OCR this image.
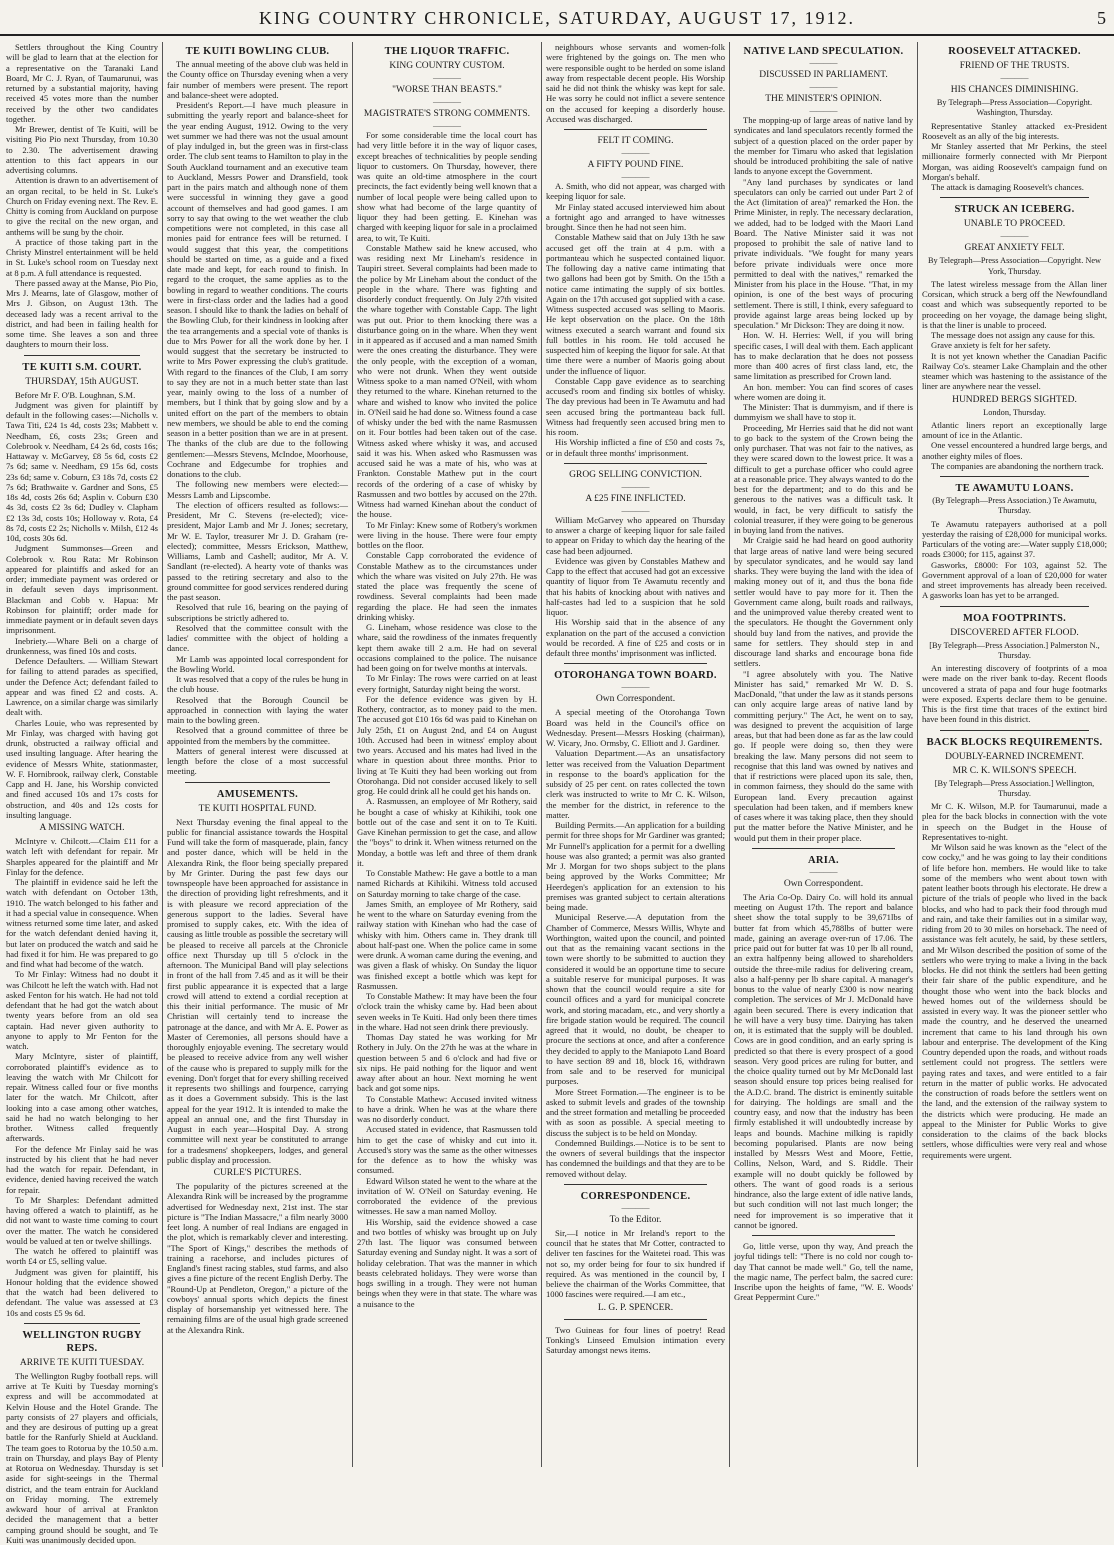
KING COUNTRY CHRONICLE, SATURDAY, AUGUST 17, 1912.	5

Settlers throughout the King Country will be glad to learn that at the election for a representative on the Taranaki Land Board, Mr C. J. Ryan, of Taumarunui, was returned by a substantial majority, having received 45 votes more than the number received by the other two candidates together.

Mr Brewer, dentist of Te Kuiti, will be visiting Pio Pio next Thursday, from 10.30 to 2.30. The advertisement drawing attention to this fact appears in our advertising columns.

Attention is drawn to an advertisement of an organ recital, to be held in St. Luke's Church on Friday evening next. The Rev. E. Chitty is coming from Auckland on purpose to give the recital on the new organ, and anthems will be sung by the choir.

A practice of those taking part in the Christy Minstrel entertainment will be held in St. Luke's school room on Tuesday next at 8 p.m. A full attendance is requested.

There passed away at the Manse, Pio Pio, Mrs J. Mearns, late of Glasgow, mother of Mrs J. Gibson, on August 13th. The deceased lady was a recent arrival to the district, and had been in failing health for some time. She leaves a son and three daughters to mourn their loss.

TE KUITI S.M. COURT.
THURSDAY, 15th AUGUST.

Before Mr F. O'B. Loughnan, S.M.

Judgment was given for plaintiff by default in the following cases:—Nicholls v. Tawa Titi, £24 1s 4d, costs 23s; Mabbett v. Needham, £6, costs 23s; Green and Colebrook v. Needham, £4 2s 6d, costs 16s; Hattaway v. McGarvey, £8 5s 6d, costs £2 7s 6d; same v. Needham, £9 15s 6d, costs 23s 6d; same v. Coburn, £3 18s 7d, costs £2 7s 6d; Brathwaite v. Gardner and Sons, £5 18s 4d, costs 26s 6d; Asplin v. Coburn £30 4s 3d, costs £2 3s 6d; Dudley v. Clapham £2 13s 3d, costs 10s; Holloway v. Rota, £4 8s 7d, costs £2 2s; Nicholls v. Milsh, £12 4s 10d, costs 30s 6d.

Judgment Summonses—Green and Colebrook v. Rou Rata: Mr Robinson appeared for plaintiffs and asked for an order; immediate payment was ordered or in default seven days imprisonment. Blackman and Cobb v. Hapua: Mr Robinson for plaintiff; order made for immediate payment or in default seven days imprisonment.

Inebriety.—Whare Beli on a charge of drunkenness, was fined 10s and costs.

Defence Defaulters. — William Stewart for failing to attend parades as specified, under the Defence Act; defendant failed to appear and was fined £2 and costs. A. Lawrence, on a similar charge was similarly dealt with.

Charles Louie, who was represented by Mr Finlay, was charged with having got drunk, obstructed a railway official and used insulting language. After hearing the evidence of Messrs White, stationmaster, W. F. Hornibrook, railway clerk, Constable Capp and H. Jane, his Worship convicted and fined accused 10s and 17s costs for obstruction, and 40s and 12s costs for insulting language.

A MISSING WATCH.

McIntyre v. Chilcott.—Claim £11 for a watch left with defendant for repair. Mr Sharples appeared for the plaintiff and Mr Finlay for the defence.

The plaintiff in evidence said he left the watch with defendant on October 13th, 1910. The watch belonged to his father and it had a special value in consequence. When witness returned some time later, and asked for the watch defendant denied having it, but later on produced the watch and said he had fixed it for him. He was prepared to go and find what had become of the watch.

To Mr Finlay: Witness had no doubt it was Chilcott he left the watch with. Had not asked Fenton for his watch. He had not told defendant that he had got the watch about twenty years before from an old sea captain. Had never given authority to anyone to apply to Mr Fenton for the watch.

Mary McIntyre, sister of plaintiff, corroborated plaintiff's evidence as to leaving the watch with Mr Chilcott for repair. Witness called four or five months later for the watch. Mr Chilcott, after looking into a case among other watches, said he had no watch belonging to her brother. Witness called frequently afterwards.

For the defence Mr Finlay said he was instructed by his client that he had never had the watch for repair. Defendant, in evidence, denied having received the watch for repair.

To Mr Sharples: Defendant admitted having offered a watch to plaintiff, as he did not want to waste time coming to court over the matter. The watch he considered would be valued at ten or twelve shillings.

The watch he offered to plaintiff was worth £4 or £5, selling value.

Judgment was given for plaintiff, his Honour holding that the evidence showed that the watch had been delivered to defendant. The value was assessed at £3 10s and costs £5 9s 6d.

WELLINGTON RUGBY REPS.
ARRIVE TE KUITI TUESDAY.

The Wellington Rugby football reps. will arrive at Te Kuiti by Tuesday morning's express and will be accommodated at Kelvin House and the Hotel Grande. The party consists of 27 players and officials, and they are desirous of putting up a great battle for the Ranfurly Shield at Auckland. The team goes to Rotorua by the 10.50 a.m. train on Thursday, and plays Bay of Plenty at Rotorua on Wednesday. Thursday is set aside for sight-seeings in the Thermal district, and the team entrain for Auckland on Friday morning. The extremely awkward hour of arrival at Frankton decided the management that a better camping ground should be sought, and Te Kuiti was unanimously decided upon.

TE KUITI BOWLING CLUB.

The annual meeting of the above club was held in the County office on Thursday evening when a very fair number of members were present. The report and balance-sheet were adopted.

President's Report.—I have much pleasure in submitting the yearly report and balance-sheet for the year ending August, 1912. Owing to the very wet summer we had there was not the usual amount of play indulged in, but the green was in first-class order. The club sent teams to Hamilton to play in the South Auckland tournament and an executive team to Auckland, Messrs Power and Dransfield, took part in the pairs match and although none of them were successful in winning they gave a good account of themselves and had good games. I am sorry to say that owing to the wet weather the club competitions were not completed, in this case all monies paid for entrance fees will be returned. I would suggest that this year, the competitions should be started on time, as a guide and a fixed date made and kept, for each round to finish. In regard to the croquet, the same applies as to the bowling in regard to weather conditions. The courts were in first-class order and the ladies had a good season. I should like to thank the ladies on behalf of the Bowling Club, for their kindness in looking after the tea arrangements and a special vote of thanks is due to Mrs Power for all the work done by her. I would suggest that the secretary be instructed to write to Mrs Power expressing the club's gratitude. With regard to the finances of the Club, I am sorry to say they are not in a much better state than last year, mainly owing to the loss of a number of members, but I think that by going slow and by a united effort on the part of the members to obtain new members, we should be able to end the coming season in a better position than we are in at present. The thanks of the club are due to the following gentlemen:—Messrs Stevens, McIndoe, Moorhouse, Cochrane and Edgecumbe for trophies and donations to the club.

The following new members were elected:—Messrs Lamb and Lipscombe.

The election of officers resulted as follows:—President, Mr C. Stevens (re-elected); vice-president, Major Lamb and Mr J. Jones; secretary, Mr W. E. Taylor, treasurer Mr J. D. Graham (re-elected); committee, Messrs Erickson, Matthew, Williams, Lamb and Cashell; auditor, Mr A. V. Sandlant (re-elected). A hearty vote of thanks was passed to the retiring secretary and also to the ground committee for good services rendered during the past season.

Resolved that rule 16, bearing on the paying of subscriptions be strictly adhered to.

Resolved that the committee consult with the ladies' committee with the object of holding a dance.

Mr Lamb was appointed local correspondent for the Bowling World.

It was resolved that a copy of the rules be hung in the club house.

Resolved that the Borough Council be approached in connection with laying the water main to the bowling green.

Resolved that a ground committee of three be appointed from the members by the committee.

Matters of general interest were discussed at length before the close of a most successful meeting.

AMUSEMENTS.
TE KUITI HOSPITAL FUND.

Next Thursday evening the final appeal to the public for financial assistance towards the Hospital Fund will take the form of masquerade, plain, fancy and poster dance, which will be held in the Alexandra Rink, the floor being specially prepared by Mr Grinter. During the past few days our townspeople have been approached for assistance in the direction of providing light refreshments, and it is with pleasure we record appreciation of the generous support to the ladies. Several have promised to supply cakes, etc. With the idea of causing as little trouble as possible the secretary will be pleased to receive all parcels at the Chronicle office next Thursday up till 5 o'clock in the afternoon. The Municipal Band will play selections in front of the hall from 7.45 and as it will be their first public appearance it is expected that a large crowd will attend to extend a cordial reception at this their initial performance. The music of Mr Christian will certainly tend to increase the patronage at the dance, and with Mr A. E. Power as Master of Ceremonies, all persons should have a thoroughly enjoyable evening. The secretary would be pleased to receive advice from any well wisher of the cause who is prepared to supply milk for the evening. Don't forget that for every shilling received it represents two shillings and fourpence, carrying as it does a Government subsidy. This is the last appeal for the year 1912. It is intended to make the appeal an annual one, and the first Thursday in August in each year—Hospital Day. A strong committee will next year be constituted to arrange for a tradesmens' shopkeepers, lodges, and general public display and procession.

CURLE'S PICTURES.

The popularity of the pictures screened at the Alexandra Rink will be increased by the programme advertised for Wednesday next, 21st inst. The star picture is "The Indian Massacre," a film nearly 3000 feet long. A number of real Indians are engaged in the plot, which is remarkably clever and interesting. "The Sport of Kings," describes the methods of training a racehorse, and includes pictures of England's finest racing stables, stud farms, and also gives a fine picture of the recent English Derby. The "Round-Up at Pendleton, Oregon," a picture of the cowboys' annual sports which depicts the finest display of horsemanship yet witnessed here. The remaining films are of the usual high grade screened at the Alexandra Rink.

THE LIQUOR TRAFFIC.
KING COUNTRY CUSTOM.
————
"WORSE THAN BEASTS."
————
MAGISTRATE'S STRONG COMMENTS.
————

For some considerable time the local court has had very little before it in the way of liquor cases, except breaches of technicalities by people sending liquor to customers. On Thursday, however, there was quite an old-time atmosphere in the court precincts, the fact evidently being well known that a number of local people were being called upon to show what had become of the large quantity of liquor they had been getting. E. Kinehan was charged with keeping liquor for sale in a proclaimed area, to wit, Te Kuiti.

Constable Mathew said he knew accused, who was residing next Mr Lineham's residence in Taupiri street. Several complaints had been made to the police by Mr Lineham about the conduct of the people in the whare. There was fighting and disorderly conduct frequently. On July 27th visited the whare together with Constable Capp. The light was put out. Prior to them knocking there was a disturbance going on in the whare. When they went in it appeared as if accused and a man named Smith were the ones creating the disturbance. They were the only people, with the exception of a woman, who were not drunk. When they went outside Witness spoke to a man named O'Neil, with whom they returned to the whare. Kinehan returned to the whare and wished to know who invited the police in. O'Neil said he had done so. Witness found a case of whisky under the bed with the name Rasmussen on it. Four bottles had been taken out of the case. Witness asked where whisky it was, and accused said it was his. When asked who Rasmussen was accused said he was a mate of his, who was at Frankton. Constable Mathew put in the court records of the ordering of a case of whisky by Rasmussen and two bottles by accused on the 27th. Witness had warned Kinehan about the conduct of the house.

To Mr Finlay: Knew some of Rotbery's workmen were living in the house. There were four empty bottles on the floor.

Constable Capp corroborated the evidence of Constable Mathew as to the circumstances under which the whare was visited on July 27th. He was stated the place was frequently the scene of rowdiness. Several complaints had been made regarding the place. He had seen the inmates drinking whisky.

G. Lineham, whose residence was close to the whare, said the rowdiness of the inmates frequently kept them awake till 2 a.m. He had on several occasions complained to the police. The nuisance had been going on for twelve months at intervals.

To Mr Finlay: The rows were carried on at least every fortnight, Saturday night being the worst.

For the defence evidence was given by H. Rothery, contractor, as to money paid to the men. The accused got £10 16s 6d was paid to Kinehan on July 25th, £1 on August 2nd, and £4 on August 10th. Accused had been in witness' employ about two years. Accused and his mates had lived in the whare in question about three months. Prior to living at Te Kuiti they had been working out from Otorohanga. Did not consider accused likely to sell grog. He could drink all he could get his hands on.

A. Rasmussen, an employee of Mr Rothery, said he bought a case of whisky at Kihikihi, took one bottle out of the case and sent it on to Te Kuiti. Gave Kinehan permission to get the case, and allow the "boys" to drink it. When witness returned on the Monday, a bottle was left and three of them drank it.

To Constable Mathew: He gave a bottle to a man named Richards at Kihikihi. Witness told accused on Saturday morning to take charge of the case.

James Smith, an employee of Mr Rothery, said he went to the whare on Saturday evening from the railway station with Kinehan who had the case of whisky with him. Others came in. They drank till about half-past one. When the police came in some were drunk. A woman came during the evening, and was given a flask of whisky. On Sunday the liquor was finished except a bottle which was kept for Rasmussen.

To Constable Mathew: It may have been the four o'clock train the whisky came by. Had been about seven weeks in Te Kuiti. Had only been there times in the whare. Had not seen drink there previously.

Thomas Day stated he was working for Mr Rothery in July. On the 27th he was at the whare in question between 5 and 6 o'clock and had five or six nips. He paid nothing for the liquor and went away after about an hour. Next morning he went back and got some nips.

To Constable Mathew: Accused invited witness to have a drink. When he was at the whare there was no disorderly conduct.

Accused stated in evidence, that Rasmussen told him to get the case of whisky and cut into it. Accused's story was the same as the other witnesses for the defence as to how the whisky was consumed.

Edward Wilson stated he went to the whare at the invitation of W. O'Neil on Saturday evening. He corroborated the evidence of the previous witnesses. He saw a man named Molloy.

His Worship, said the evidence showed a case and two bottles of whisky was brought up on July 27th last. The liquor was consumed between Saturday evening and Sunday night. It was a sort of holiday celebration. That was the manner in which beasts celebrated holidays. They were worse than hogs swilling in a trough. They were not human beings when they were in that state. The whare was a nuisance to the

neighbours whose servants and women-folk were frightened by the goings on. The men who were responsible ought to be herded on some island away from respectable decent people. His Worship said he did not think the whisky was kept for sale. He was sorry he could not inflict a severe sentence on the accused for keeping a disorderly house. Accused was discharged.

FELT IT COMING.
————
A FIFTY POUND FINE.
————

A. Smith, who did not appear, was charged with keeping liquor for sale.

Mr Finlay stated accused interviewed him about a fortnight ago and arranged to have witnesses brought. Since then he had not seen him.

Constable Mathew said that on July 13th he saw accused get off the train at 4 p.m. with a portmanteau which he suspected contained liquor. The following day a native came intimating that two gallons had been got by Smith. On the 15th a notice came intimating the supply of six bottles. Again on the 17th accused got supplied with a case. Witness suspected accused was selling to Maoris. He kept observation on the place. On the 18th witness executed a search warrant and found six full bottles in his room. He told accused he suspected him of keeping the liquor for sale. At that time there were a number of Maoris going about under the influence of liquor.

Constable Capp gave evidence as to searching accused's room and finding six bottles of whisky. The day previous had been in Te Awamutu and had seen accused bring the portmanteau back full. Witness had frequently seen accused bring men to his room.

His Worship inflicted a fine of £50 and costs 7s, or in default three months' imprisonment.

GROG SELLING CONVICTION.
————
A £25 FINE INFLICTED.
————

William McGarvey who appeared on Thursday to answer a charge of keeping liquor for sale failed to appear on Friday to which day the hearing of the case had been adjourned.

Evidence was given by Constables Mathew and Capp to the effect that accused had got an excessive quantity of liquor from Te Awamutu recently and that his habits of knocking about with natives and half-castes had led to a suspicion that he sold liquor.

His Worship said that in the absence of any explanation on the part of the accused a conviction would be recorded. A fine of £25 and costs or in default three months' imprisonment was inflicted.

OTOROHANGA TOWN BOARD.
————
Own Correspondent.

A special meeting of the Otorohanga Town Board was held in the Council's office on Wednesday. Present—Messrs Hosking (chairman), W. Vicary, Jno. Ormsby, C. Elliott and J. Gardiner.

Valuation Department.—As an unsatisfactory letter was received from the Valuation Department in response to the board's application for the subsidy of 25 per cent. on rates collected the town clerk was instructed to write to Mr C. K. Wilson, the member for the district, in reference to the matter.

Building Permits.—An application for a building permit for three shops for Mr Gardiner was granted; Mr Funnell's application for a permit for a dwelling house was also granted; a permit was also granted Mr J. Morgan for two shops subject to the plans being approved by the Works Committee; Mr Heerdegen's application for an extension to his premises was granted subject to certain alterations being made.

Municipal Reserve.—A deputation from the Chamber of Commerce, Messrs Willis, Whyte and Worthington, waited upon the council, and pointed out that as the remaining vacant sections in the town were shortly to be submitted to auction they considered it would be an opportune time to secure a suitable reserve for municipal purposes. It was shown that the council would require a site for council offices and a yard for municipal concrete work, and storing macadam, etc., and very shortly a fire brigade station would be required. The council agreed that it would, no doubt, be cheaper to procure the sections at once, and after a conference they decided to apply to the Maniapoto Land Board to have section 89 and 18, block 16, withdrawn from sale and to be reserved for municipal purposes.

More Street Formation.—The engineer is to be asked to submit levels and grades of the township and the street formation and metalling be proceeded with as soon as possible. A special meeting to discuss the subject is to be held on Monday.

Condemned Buildings.—Notice is to be sent to the owners of several buildings that the inspector has condemned the buildings and that they are to be removed without delay.

CORRESPONDENCE.
————
To the Editor.

Sir,—I notice in Mr Ireland's report to the council that he states that Mr Cotter, contracted to deliver ten fascines for the Waitetei road. This was not so, my order being for four to six hundred if required. As was mentioned in the council by, I believe the chairman of the Works Committee, that 1000 fascines were required.—I am etc.,

L. G. P. SPENCER.

Two Guineas for four lines of poetry! Read Tonking's Linseed Emulsion intimation every Saturday amongst news items.

NATIVE LAND SPECULATION.
————
DISCUSSED IN PARLIAMENT.
————
THE MINISTER'S OPINION.
————

The mopping-up of large areas of native land by syndicates and land speculators recently formed the subject of a question placed on the order paper by the member for Timaru who asked that legislation should be introduced prohibiting the sale of native lands to anyone except the Government.

"Any land purchases by syndicates or land speculators can only be carried out under Part 2 of the Act (limitation of area)" remarked the Hon. the Prime Minister, in reply. The necessary declaration, we added, had to be lodged with the Maori Land Board. The Native Minister said it was not proposed to prohibit the sale of native land to private individuals. "We fought for many years before private individuals were once more permitted to deal with the natives," remarked the Minister from his place in the House. "That, in my opinion, is one of the best ways of procuring settlement. There is still, I think, every safeguard to provide against large areas being locked up by speculation." Mr Dickson: They are doing it now.

Hon. W. H. Herries: Well, if you will bring specific cases, I will deal with them. Each applicant has to make declaration that he does not possess more than 400 acres of first class land, etc, the same limitation as prescribed for Crown land.

An hon. member: You can find scores of cases where women are doing it.

The Minister: That is dummyism, and if there is dummyism we shall have to stop it.

Proceeding, Mr Herries said that he did not want to go back to the system of the Crown being the only purchaser. That was not fair to the natives, as they were scared down to the lowest price. It was a difficult to get a purchase officer who could agree at a reasonable price. They always wanted to do the best for the department; and to do this and be generous to the natives was a difficult task. It would, in fact, be very difficult to satisfy the colonial treasurer, if they were going to be generous in buying land from the natives.

Mr Craigie said he had heard on good authority that large areas of native land were being secured by speculator syndicates, and he would say land sharks. They were buying the land with the idea of making money out of it, and thus the bona fide settler would have to pay more for it. Then the Government came along, built roads and railways, and the unimproved value thereby created went to the speculators. He thought the Government only should buy land from the natives, and provide the same for settlers. They should step in and discourage land sharks and encourage bona fide settlers.

"I agree absolutely with you. The Native Minister has said," remarked Mr W. D. S. MacDonald, "that under the law as it stands persons can only acquire large areas of native land by committing perjury." The Act, he went on to say, was designed to prevent the acquisition of large areas, but that had been done as far as the law could go. If people were doing so, then they were breaking the law. Many persons did not seem to recognise that this land was owned by natives and that if restrictions were placed upon its sale, then, in common fairness, they should do the same with European land. Every precaution against speculation had been taken, and if members knew of cases where it was taking place, then they should put the matter before the Native Minister, and he would put them in their proper place.

ARIA.
————
Own Correspondent.

The Aria Co-Op. Dairy Co. will hold its annual meeting on August 17th. The report and balance sheet show the total supply to be 39,671lbs of butter fat from which 45,788lbs of butter were made, gaining an average over-run of 17.06. The price paid out for butter fat was 10 per lb all round, an extra halfpenny being allowed to shareholders outside the three-mile radius for delivering cream, also a half-penny per lb share capital. A manager's bonus to the value of nearly £300 is now nearing completion. The services of Mr J. McDonald have again been secured. There is every indication that he will have a very busy time. Dairying has taken on, it is estimated that the supply will be doubled. Cows are in good condition, and an early spring is predicted so that there is every prospect of a good season. Very good prices are ruling for butter, and the choice quality turned out by Mr McDonald last season should ensure top prices being realised for the A.D.C. brand. The district is eminently suitable for dairying. The holdings are small and the country easy, and now that the industry has been firmly established it will undoubtedly increase by leaps and bounds. Machine milking is rapidly becoming popularised. Plants are now being installed by Messrs West and Moore, Fettie, Collins, Nelson, Ward, and S. Riddle. Their example will no doubt quickly be followed by others. The want of good roads is a serious hindrance, also the large extent of idle native lands, but such condition will not last much longer; the need for improvement is so imperative that it cannot be ignored.

Go, little verse, upon thy way, And preach the joyful tidings tell: "There is no cold nor cough to-day That cannot be made well." Go, tell the name, the magic name, The perfect balm, the sacred cure: Inscribe upon the heights of fame, "W. E. Woods' Great Peppermint Cure."

ROOSEVELT ATTACKED.
FRIEND OF THE TRUSTS.
————
HIS CHANCES DIMINISHING.
By Telegraph—Press Association—Copyright. Washington, Thursday.

Representative Stanley attacked ex-President Roosevelt as an ally of the big interests.

Mr Stanley asserted that Mr Perkins, the steel millionaire formerly connected with Mr Pierpont Morgan, was aiding Roosevelt's campaign fund on Morgan's behalf.

The attack is damaging Roosevelt's chances.

STRUCK AN ICEBERG.
UNABLE TO PROCEED.
————
GREAT ANXIETY FELT.
By Telegraph—Press Association—Copyright. New York, Thursday.

The latest wireless message from the Allan liner Corsican, which struck a berg off the Newfoundland coast and which was subsequently reported to be proceeding on her voyage, the damage being slight, is that the liner is unable to proceed.

The message does not assign any cause for this.

Grave anxiety is felt for her safety.

It is not yet known whether the Canadian Pacific Railway Co's. steamer Lake Champlain and the other steamer which was hastening to the assistance of the liner are anywhere near the vessel.

HUNDRED BERGS SIGHTED.
London, Thursday.

Atlantic liners report an exceptionally large amount of ice in the Atlantic.

One vessel encountered a hundred large bergs, and another eighty miles of floes.

The companies are abandoning the northern track.

TE AWAMUTU LOANS.
(By Telegraph—Press Association.) Te Awamutu, Thursday.

Te Awamutu ratepayers authorised at a poll yesterday the raising of £28,000 for municipal works. Particulars of the voting are:—Water supply £18,000; roads £3000; for 115, against 37.

Gasworks, £8000: For 103, against 52. The Government approval of a loan of £20,000 for water and street improvements has already been received. A gasworks loan has yet to be arranged.

MOA FOOTPRINTS.
DISCOVERED AFTER FLOOD.
[By Telegraph—Press Association.] Palmerston N., Thursday.

An interesting discovery of footprints of a moa were made on the river bank to-day. Recent floods uncovered a strata of papa and four huge footmarks were exposed. Experts declare them to be genuine. This is the first time that traces of the extinct bird have been found in this district.

BACK BLOCKS REQUIREMENTS.
DOUBLY-EARNED INCREMENT.
MR C. K. WILSON'S SPEECH.
[By Telegraph—Press Association.] Wellington, Thursday.

Mr C. K. Wilson, M.P. for Taumarunui, made a plea for the back blocks in connection with the vote in speech on the Budget in the House of Representatives to-night.

Mr Wilson said he was known as the "elect of the cow cocky," and he was going to lay their conditions of life before hon. members. He would like to take some of the members who went about town with patent leather boots through his electorate. He drew a picture of the trials of people who lived in the back blocks, and who had to pack their food through mud and rain, and take their families out in a similar way, riding from 20 to 30 miles on horseback. The need of assistance was felt acutely, he said, by these settlers, and Mr Wilson described the position of some of the settlers who were trying to make a living in the back blocks. He did not think the settlers had been getting their fair share of the public expenditure, and he thought those who went into the back blocks and hewed homes out of the wilderness should be assisted in every way. It was the pioneer settler who made the country, and he deserved the unearned increment that came to his land through his own labour and enterprise. The development of the King Country depended upon the roads, and without roads settlement could not progress. The settlers were paying rates and taxes, and were entitled to a fair return in the matter of public works. He advocated the construction of roads before the settlers went on the land, and the extension of the railway system to the districts which were producing. He made an appeal to the Minister for Public Works to give consideration to the claims of the back blocks settlers, whose difficulties were very real and whose requirements were urgent.
